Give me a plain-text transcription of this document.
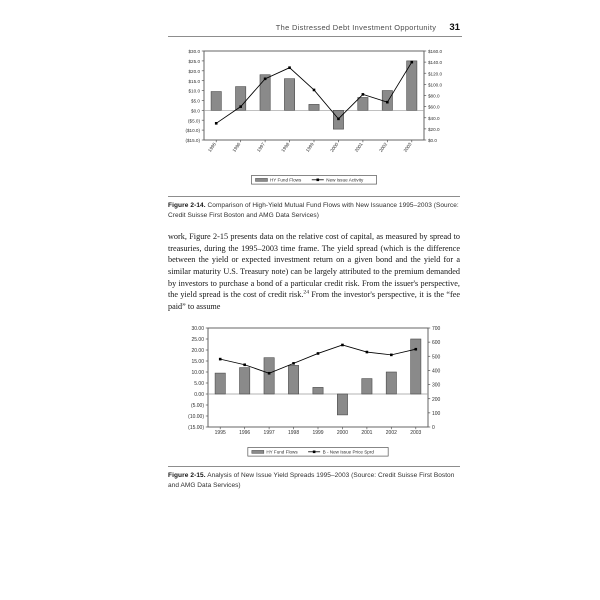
The Distressed Debt Investment Opportunity 31
$30.0
$25.0
$20.0
$15.0
$10.0
$5.0
$0.0
($5.0)
($10.0)
($15.0)
$160.0
$140.0
$120.0
$100.0
$80.0
$60.0
$40.0
$20.0
$0.0
1995	1996	1997	1998	1999	2000	2001	2002	2003
HY Fund Flows	New Issue Activity
Figure 2-14. Comparison of High-Yield Mutual Fund Flows with New Issuance 1995–2003 (Source: Credit Suisse First Boston and AMG Data Services)
work, Figure 2-15 presents data on the relative cost of capital, as measured by spread to treasuries, during the 1995–2003 time frame. The yield spread (which is the difference between the yield or expected investment return on a given bond and the yield for a similar maturity U.S. Treasury note) can be largely attributed to the premium demanded by investors to purchase a bond of a particular credit risk. From the issuer's perspective, the yield spread is the cost of credit risk.$^{24}$ From the investor's perspective, it is the “fee paid” to assume
30.00
25.00
20.00
15.00
10.00
5.00
0.00
(5.00)
(10.00)
(15.00)
700
600
500
400
300
200
100
0
1995	1996	1997	1998	1999	2000	2001	2002	2003
HY Fund Flows	B - New Issue Price Sprd
Figure 2-15. Analysis of New Issue Yield Spreads 1995–2003 (Source: Credit Suisse First Boston and AMG Data Services)
